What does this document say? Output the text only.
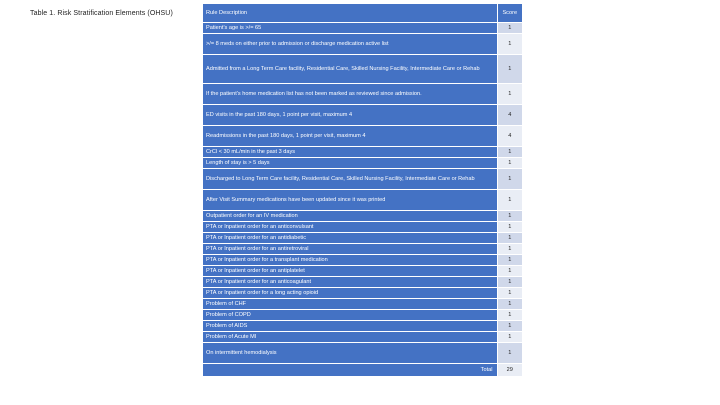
Table 1. Risk Stratification Elements (OHSU)	Rule Description	Score
Patient’s age is >/= 65	1
>/= 8 meds on either prior to admission or discharge medication active list	1
Admitted from a Long Term Care facility, Residential Care, Skilled Nursing Facility, Intermediate Care or Rehab	1
If the patient’s home medication list has not been marked as reviewed since admission.	1
ED visits in the past 180 days, 1 point per visit, maximum 4	4
Readmissions in the past 180 days, 1 point per visit, maximum 4	4
CrCl < 30 mL/min in the past 3 days	1
Length of stay is > 5 days	1
Discharged to Long Term Care facility, Residential Care, Skilled Nursing Facility, Intermediate Care or Rehab	1
After Visit Summary medications have been updated since it was printed	1
Outpatient order for an IV medication	1
PTA or Inpatient order for an anticonvulsant	1
PTA or Inpatient order for an antidiabetic	1
PTA or Inpatient order for an antiretroviral	1
PTA or Inpatient order for a transplant medication	1
PTA or Inpatient order for an antiplatelet	1
PTA or Inpatient order for an anticoagulant	1
PTA or Inpatient order for a long acting opioid	1
Problem of CHF	1
Problem of COPD	1
Problem of AIDS	1
Problem of Acute MI	1
On intermittent hemodialysis	1
Total	29
